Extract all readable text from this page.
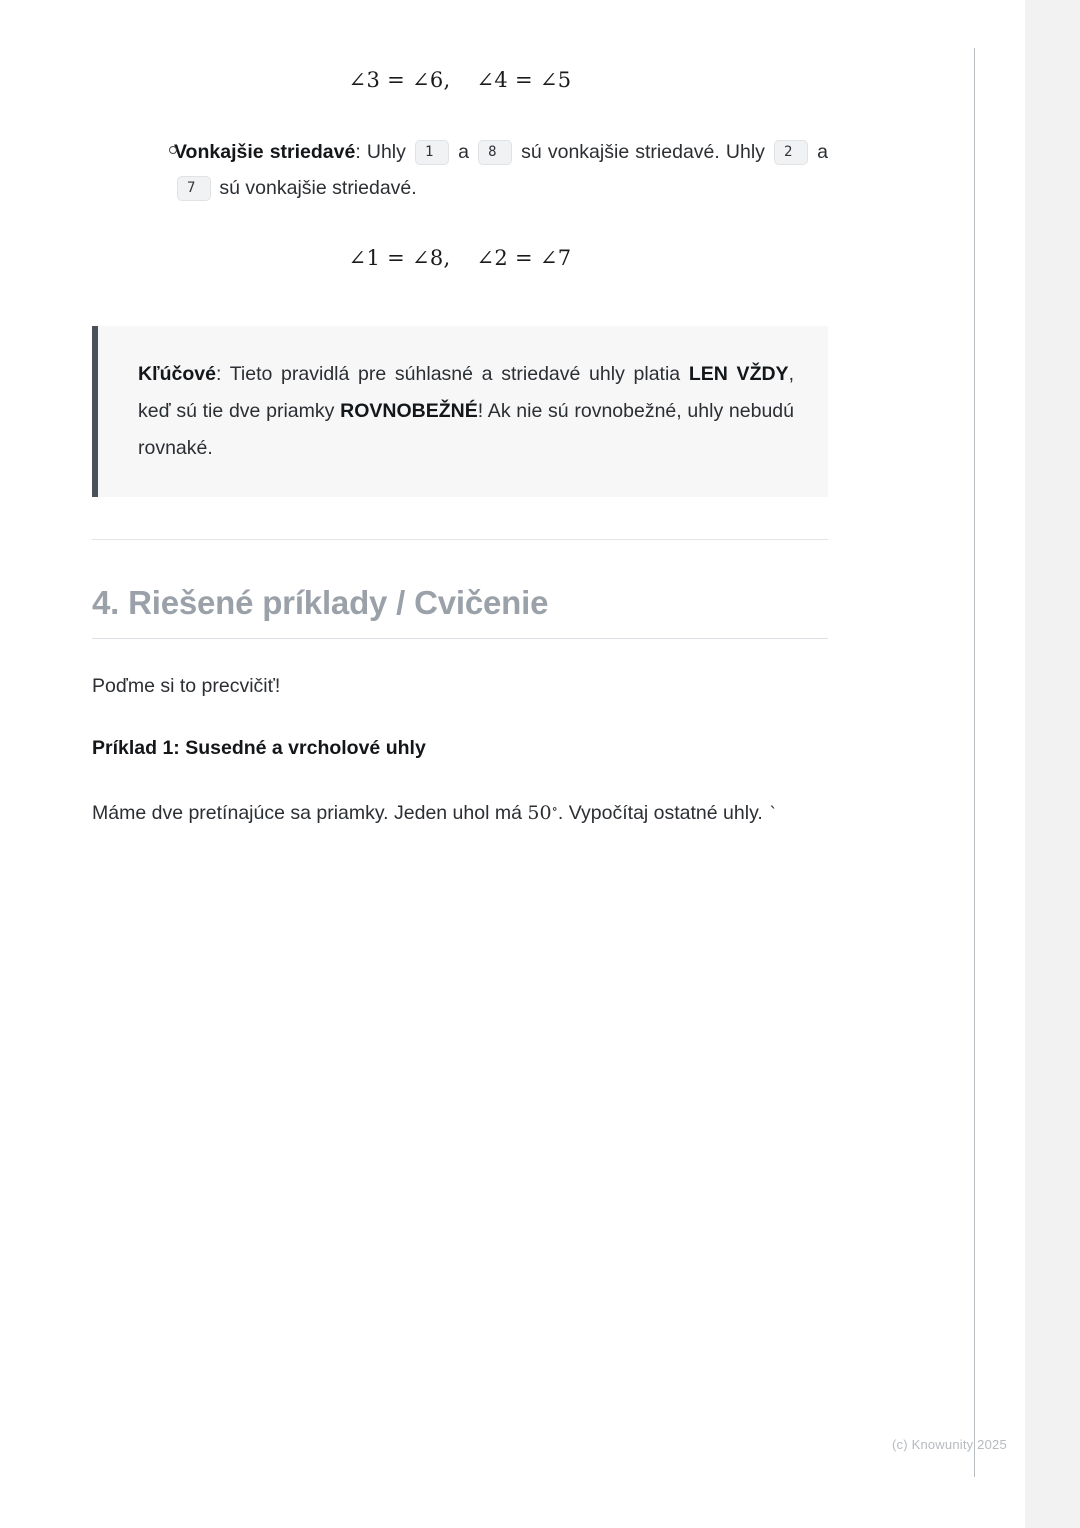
∠3 = ∠6, ∠4 = ∠5
Vonkajšie striedavé: Uhly 1 a 8 sú vonkajšie striedavé. Uhly 2 a 7 sú vonkajšie striedavé.
∠1 = ∠8, ∠2 = ∠7
Kľúčové: Tieto pravidlá pre súhlasné a striedavé uhly platia LEN VŽDY, keď sú tie dve priamky ROVNOBEŽNÉ! Ak nie sú rovnobežné, uhly nebudú rovnaké.
4. Riešené príklady / Cvičenie

Poďme si to precvičiť!

Príklad 1: Susedné a vrcholové uhly

Máme dve pretínajúce sa priamky. Jeden uhol má 50∘. Vypočítaj ostatné uhly. `

(c) Knowunity 2025
